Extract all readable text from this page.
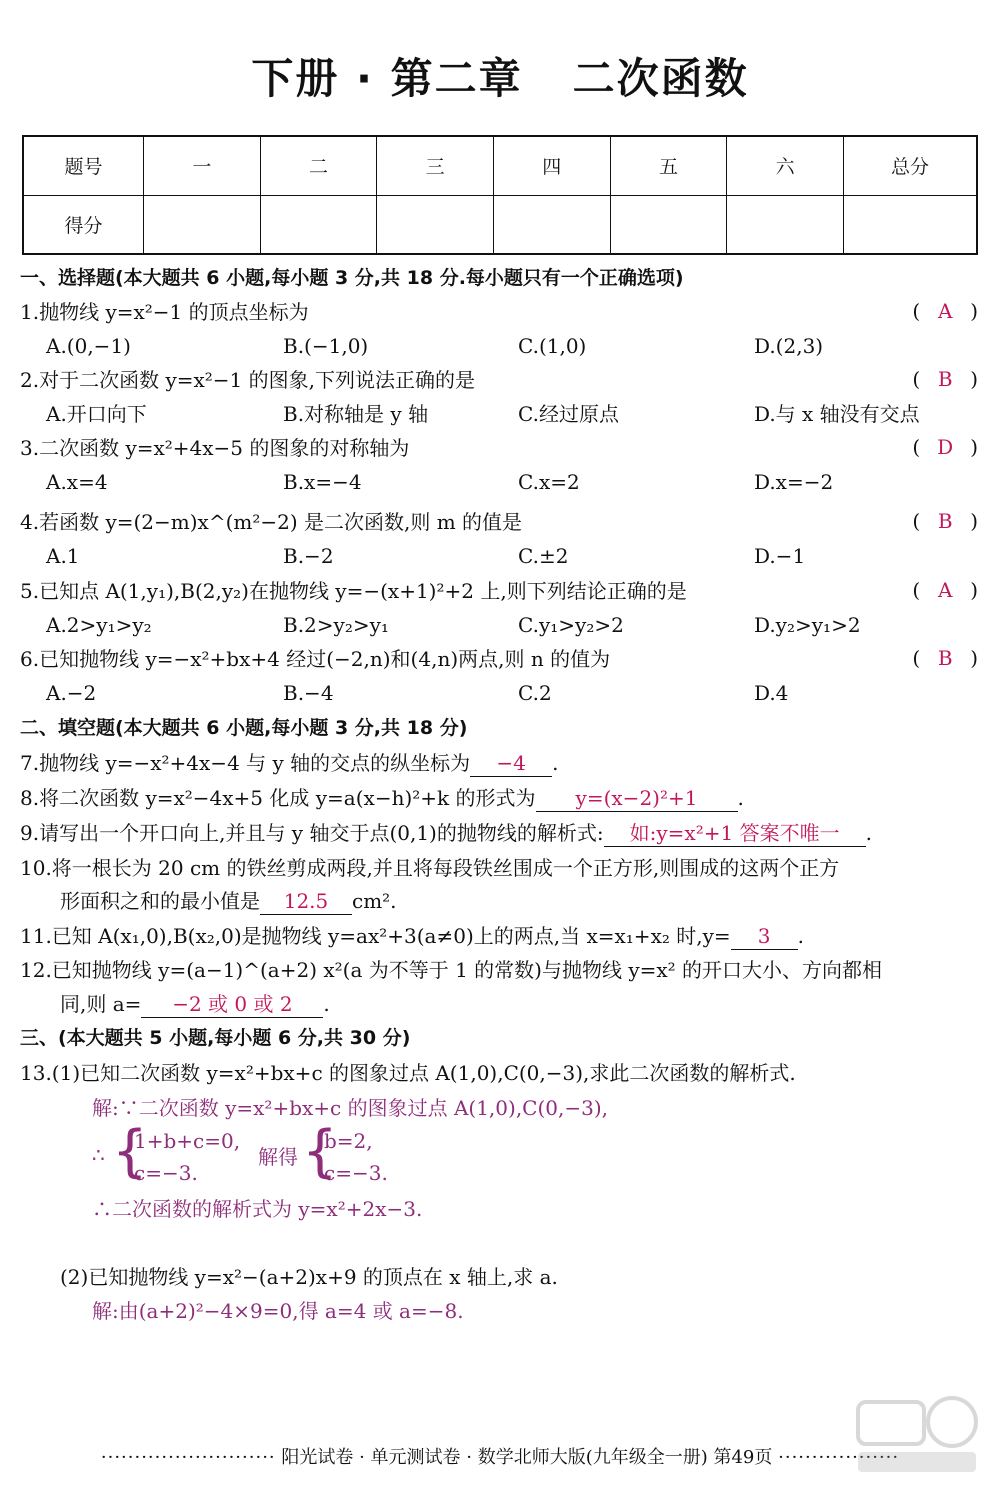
下册 · 第二章 二次函数
题号	一	二	三	四	五	六	总分
得分							
一、选择题(本大题共 6 小题,每小题 3 分,共 18 分.每小题只有一个正确选项)
1.抛物线 y=x²−1 的顶点坐标为	( A )
A.(0,−1)	B.(−1,0)	C.(1,0)	D.(2,3)
2.对于二次函数 y=x²−1 的图象,下列说法正确的是	( B )
A.开口向下	B.对称轴是 y 轴	C.经过原点	D.与 x 轴没有交点
3.二次函数 y=x²+4x−5 的图象的对称轴为	( D )
A.x=4	B.x=−4	C.x=2	D.x=−2
4.若函数 y=(2−m)x^(m²−2) 是二次函数,则 m 的值是	( B )
A.1	B.−2	C.±2	D.−1
5.已知点 A(1,y₁),B(2,y₂)在抛物线 y=−(x+1)²+2 上,则下列结论正确的是	( A )
A.2>y₁>y₂	B.2>y₂>y₁	C.y₁>y₂>2	D.y₂>y₁>2
6.已知抛物线 y=−x²+bx+4 经过(−2,n)和(4,n)两点,则 n 的值为	( B )
A.−2	B.−4	C.2	D.4
二、填空题(本大题共 6 小题,每小题 3 分,共 18 分)
7.抛物线 y=−x²+4x−4 与 y 轴的交点的纵坐标为 −4 .
8.将二次函数 y=x²−4x+5 化成 y=a(x−h)²+k 的形式为 y=(x−2)²+1 .
9.请写出一个开口向上,并且与 y 轴交于点(0,1)的抛物线的解析式: 如:y=x²+1 答案不唯一 .
10.将一根长为 20 cm 的铁丝剪成两段,并且将每段铁丝围成一个正方形,则围成的这两个正方
形面积之和的最小值是 12.5 cm².
11.已知 A(x₁,0),B(x₂,0)是抛物线 y=ax²+3(a≠0)上的两点,当 x=x₁+x₂ 时,y= 3 .
12.已知抛物线 y=(a−1)^(a+2) x²(a 为不等于 1 的常数)与抛物线 y=x² 的开口大小、方向都相
同,则 a= −2 或 0 或 2 .
三、(本大题共 5 小题,每小题 6 分,共 30 分)
13.(1)已知二次函数 y=x²+bx+c 的图象过点 A(1,0),C(0,−3),求此二次函数的解析式.
解:∵二次函数 y=x²+bx+c 的图象过点 A(1,0),C(0,−3),
∴ {
1+b+c=0,
c=−3.
解得 {
b=2,
c=−3.
∴二次函数的解析式为 y=x²+2x−3.
(2)已知抛物线 y=x²−(a+2)x+9 的顶点在 x 轴上,求 a.
解:由(a+2)²−4×9=0,得 a=4 或 a=−8.
·························· 阳光试卷 · 单元测试卷 · 数学北师大版(九年级全一册) 第49页 ··················
